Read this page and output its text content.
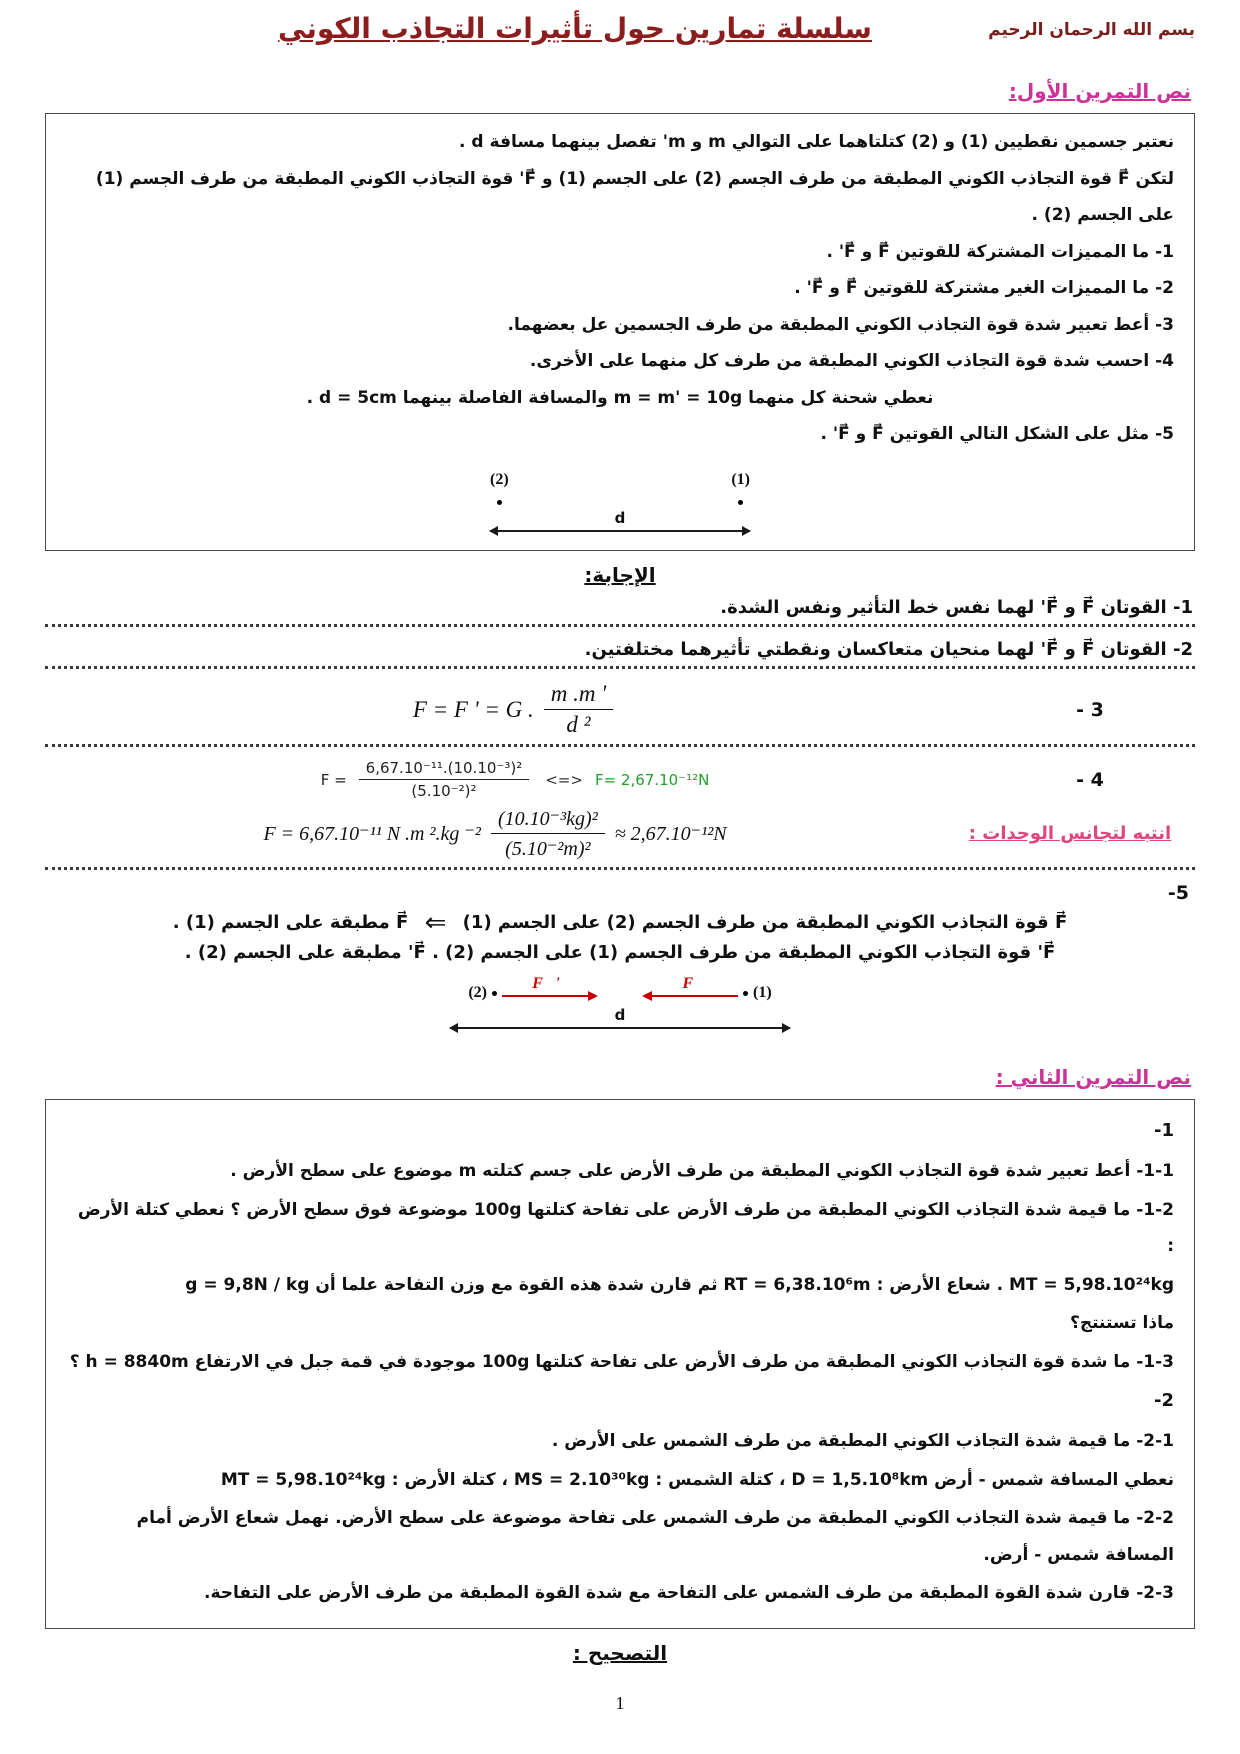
بسم الله الرحمان الرحيم
سلسلة تمارين حول تأثيرات التجاذب الكوني
نص التمرين الأول:

نعتبر جسمين نقطيين (1) و (2) كتلتاهما على التوالي m و m' تفصل بينهما مسافة d .

لتكن F⃗ قوة التجاذب الكوني المطبقة من طرف الجسم (2) على الجسم (1) و F⃗' قوة التجاذب الكوني المطبقة من طرف الجسم (1) على الجسم (2) .

1- ما المميزات المشتركة للقوتين F⃗ و F⃗' .

2- ما المميزات الغير مشتركة للقوتين F⃗ و F⃗' .

3- أعط تعبير شدة قوة التجاذب الكوني المطبقة من طرف الجسمين عل بعضهما.

4- احسب شدة قوة التجاذب الكوني المطبقة من طرف كل منهما على الأخرى.

نعطي شحنة كل منهما m = m' = 10g والمسافة الفاصلة بينهما d = 5cm .

5- مثل على الشكل التالي القوتين F⃗ و F⃗' .

(2)	(1)
d
الإجابة:

1- القوتان F⃗ و F⃗' لهما نفس خط التأثير ونفس الشدة.

2- القوتان F⃗ و F⃗' لهما منحيان متعاكسان ونقطتي تأثيرهما مختلفتين.

3 -
F = F ' = G . $\frac{m .m '}{\text{d ²}}$
4 -
$F = \frac{\text{6,67.10⁻¹¹.(10.10⁻³)²}}{\text{(5.10⁻²)²}}$ <=> F= 2,67.10⁻¹²N
انتبه لتجانس الوحدات :
F = 6,67.10⁻¹¹ N .m ².kg $^{-2} \frac{\text{(10.10⁻³kg)²}}{\text{(5.10⁻²m)²}} \approx 2,67.10^{-12}N$

5-

F⃗ قوة التجاذب الكوني المطبقة من طرف الجسم (2) على الجسم (1) ⇐ F⃗ مطبقة على الجسم (1) .

F⃗' قوة التجاذب الكوني المطبقة من طرف الجسم (1) على الجسم (2) . F⃗' مطبقة على الجسم (2) .

(2)
F⃗'	F⃗
(1)
d
نص التمرين الثاني :

1-

1-1- أعط تعبير شدة قوة التجاذب الكوني المطبقة من طرف الأرض على جسم كتلته m موضوع على سطح الأرض .

1-2- ما قيمة شدة التجاذب الكوني المطبقة من طرف الأرض على تفاحة كتلتها 100g موضوعة فوق سطح الأرض ؟ نعطي كتلة الأرض :

MT = 5,98.10²⁴kg . شعاع الأرض : RT = 6,38.10⁶m ثم قارن شدة هذه القوة مع وزن التفاحة علما أن g = 9,8N / kg

ماذا تستنتج؟

1-3- ما شدة قوة التجاذب الكوني المطبقة من طرف الأرض على تفاحة كتلتها 100g موجودة في قمة جبل في الارتفاع h = 8840m ؟

2-

2-1- ما قيمة شدة التجاذب الكوني المطبقة من طرف الشمس على الأرض .

نعطي المسافة شمس - أرض D = 1,5.10⁸km ، كتلة الشمس : MS = 2.10³⁰kg ، كتلة الأرض : MT = 5,98.10²⁴kg

2-2- ما قيمة شدة التجاذب الكوني المطبقة من طرف الشمس على تفاحة موضوعة على سطح الأرض. نهمل شعاع الأرض أمام المسافة شمس - أرض.

2-3- قارن شدة القوة المطبقة من طرف الشمس على التفاحة مع شدة القوة المطبقة من طرف الأرض على التفاحة.

التصحيح :
1
